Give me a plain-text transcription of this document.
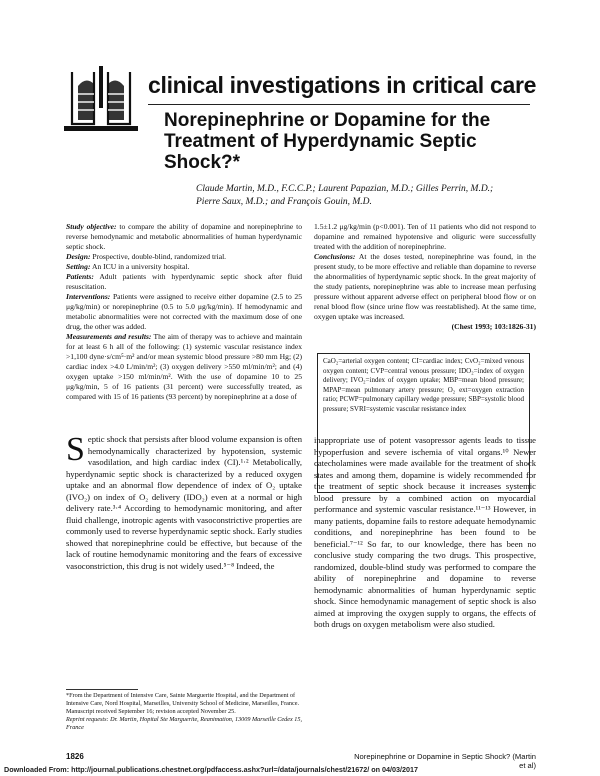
clinical investigations in critical care
Norepinephrine or Dopamine for the Treatment of Hyperdynamic Septic Shock?*
Claude Martin, M.D., F.C.C.P.; Laurent Papazian, M.D.; Gilles Perrin, M.D.; Pierre Saux, M.D.; and François Gouin, M.D.

Study objective: to compare the ability of dopamine and norepinephrine to reverse hemodynamic and metabolic abnormalities of human hyperdynamic septic shock.

Design: Prospective, double-blind, randomized trial.

Setting: An ICU in a university hospital.

Patients: Adult patients with hyperdynamic septic shock after fluid resuscitation.

Interventions: Patients were assigned to receive either dopamine (2.5 to 25 μg/kg/min) or norepinephrine (0.5 to 5.0 μg/kg/min). If hemodynamic and metabolic abnormalities were not corrected with the maximum dose of one drug, the other was added.

Measurements and results: The aim of therapy was to achieve and maintain for at least 6 h all of the following: (1) systemic vascular resistance index >1,100 dyne·s/cm⁵·m² and/or mean systemic blood pressure >80 mm Hg; (2) cardiac index >4.0 L/min/m²; (3) oxygen delivery >550 ml/min/m²; and (4) oxygen uptake >150 ml/min/m². With the use of dopamine 10 to 25 μg/kg/min, 5 of 16 patients (31 percent) were successfully treated, as compared with 15 of 16 patients (93 percent) by norepinephrine at a dose of

1.5±1.2 μg/kg/min (p<0.001). Ten of 11 patients who did not respond to dopamine and remained hypotensive and oliguric were successfully treated with the addition of norepinephrine.

Conclusions: At the doses tested, norepinephrine was found, in the present study, to be more effective and reliable than dopamine to reverse the abnormalities of hyperdynamic septic shock. In the great majority of the study patients, norepinephrine was able to increase mean perfusing pressure without apparent adverse effect on peripheral blood flow or on renal blood flow (since urine flow was reestablished). At the same time, oxygen uptake was increased.

(Chest 1993; 103:1826-31)

CaO₂=arterial oxygen content; CI=cardiac index; CvO₂=mixed venous oxygen content; CVP=central venous pressure; IDO₂=index of oxygen delivery; IVO₂=index of oxygen uptake; MBP=mean blood pressure; MPAP=mean pulmonary artery pressure; O₂ ext=oxygen extraction ratio; PCWP=pulmonary capillary wedge pressure; SBP=systolic blood pressure; SVRI=systemic vascular resistance index

Septic shock that persists after blood volume expansion is often hemodynamically characterized by hypotension, systemic vasodilation, and high cardiac index (CI).¹·² Metabolically, hyperdynamic septic shock is characterized by a reduced oxygen uptake and an abnormal flow dependence of index of O₂ uptake (IVO₂) on index of O₂ delivery (IDO₂) even at a normal or high delivery rate.³·⁴ According to hemodynamic monitoring, and after fluid challenge, inotropic agents with vasoconstrictive properties are commonly used to reverse hyperdynamic septic shock. Early studies showed that norepinephrine could be effective, but because of the lack of routine hemodynamic monitoring and the fears of excessive vasoconstriction, this drug is not widely used.⁵⁻⁸ Indeed, the

inappropriate use of potent vasopressor agents leads to tissue hypoperfusion and severe ischemia of vital organs.¹⁰ Newer catecholamines were made available for the treatment of shock states and among them, dopamine is widely recommended for the treatment of septic shock because it increases systemic blood pressure by a combined action on myocardial performance and systemic vascular resistance.¹¹⁻¹³ However, in many patients, dopamine fails to restore adequate hemodynamic conditions, and norepinephrine has been found to be beneficial.⁷⁻¹² So far, to our knowledge, there has been no conclusive study comparing the two drugs. This prospective, randomized, double-blind study was performed to compare the ability of norepinephrine and dopamine to reverse hemodynamic abnormalities of human hyperdynamic septic shock. Since hemodynamic management of septic shock is also aimed at improving the oxygen supply to organs, the effects of both drugs on oxygen metabolism were also studied.

*From the Department of Intensive Care, Sainte Marguerite Hospital, and the Department of Intensive Care, Nord Hospital, Marseilles, University School of Medicine, Marseilles, France.

Manuscript received September 16; revision accepted November 25.

Reprint requests: Dr. Martin, Hopital Ste Marguerite, Reanimation, 13009 Marseille Cedex 15, France

1826	Norepinephrine or Dopamine in Septic Shock? (Martin et al)
Downloaded From: http://journal.publications.chestnet.org/pdfaccess.ashx?url=/data/journals/chest/21672/ on 04/03/2017
